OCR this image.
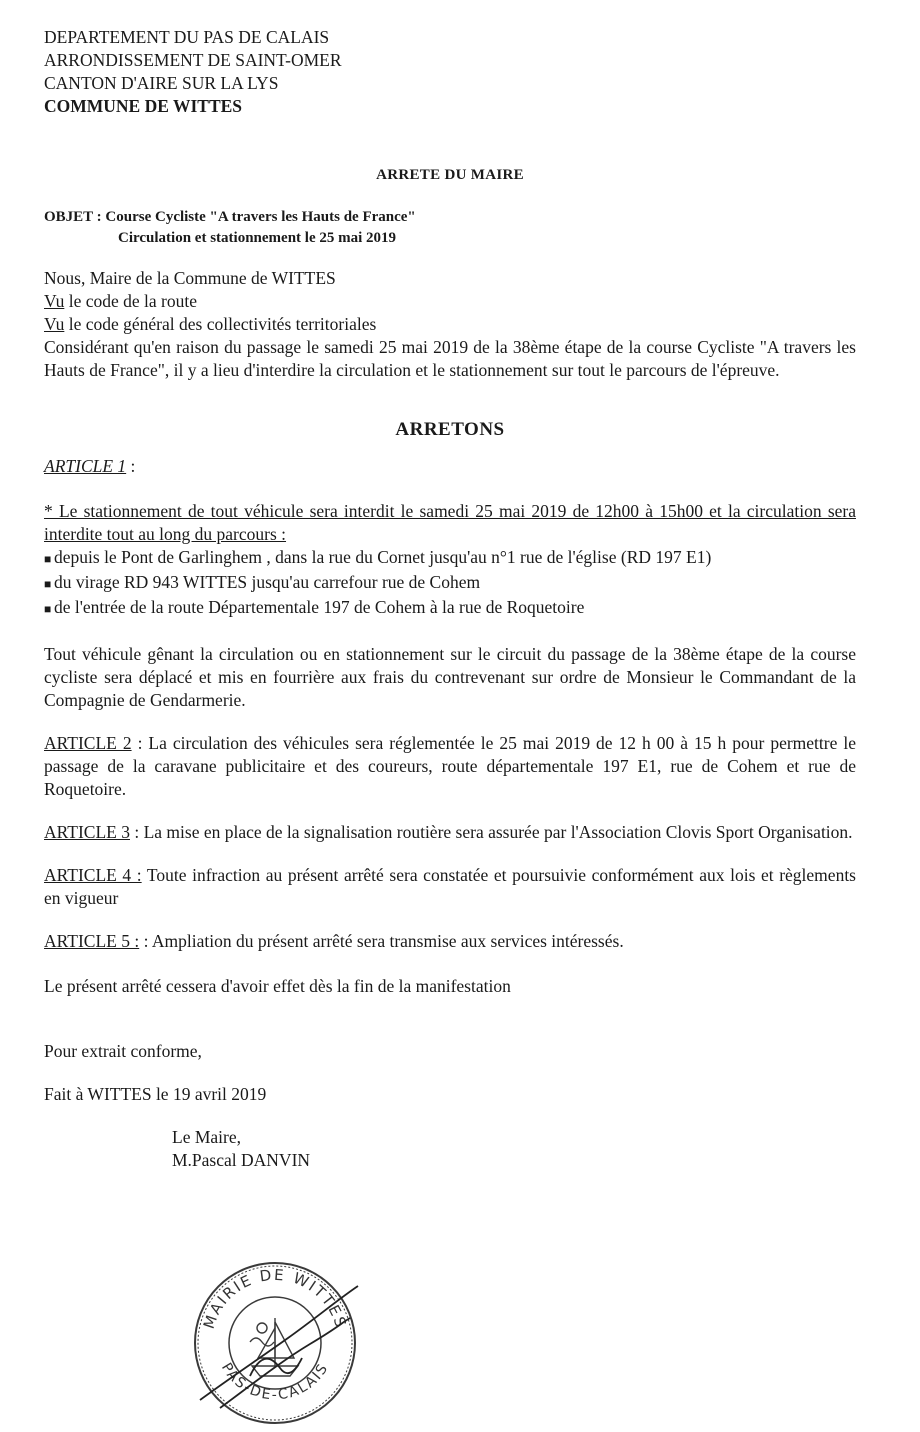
DEPARTEMENT DU PAS DE CALAIS
ARRONDISSEMENT DE SAINT-OMER
CANTON D'AIRE SUR LA LYS
COMMUNE DE WITTES
ARRETE DU MAIRE
OBJET : Course Cycliste "A travers les Hauts de France"
Circulation et stationnement le 25 mai 2019

Nous, Maire de la Commune de WITTES

Vu le code de la route

Vu le code général des collectivités territoriales

Considérant qu'en raison du passage le samedi 25 mai 2019 de la 38ème étape de la course Cycliste "A travers les Hauts de France", il y a lieu d'interdire la circulation et le stationnement sur tout le parcours de l'épreuve.

ARRETONS
ARTICLE 1 :

* Le stationnement de tout véhicule sera interdit le samedi 25 mai 2019 de 12h00 à 15h00 et la circulation sera interdite tout au long du parcours :

■ depuis le Pont de Garlinghem , dans la rue du Cornet jusqu'au n°1 rue de l'église (RD 197 E1)
■ du virage RD 943 WITTES jusqu'au carrefour rue de Cohem
■ de l'entrée de la route Départementale 197 de Cohem à la rue de Roquetoire

Tout véhicule gênant la circulation ou en stationnement sur le circuit du passage de la 38ème étape de la course cycliste sera déplacé et mis en fourrière aux frais du contrevenant sur ordre de Monsieur le Commandant de la Compagnie de Gendarmerie.

ARTICLE 2 : La circulation des véhicules sera réglementée le 25 mai 2019 de 12 h 00 à 15 h pour permettre le passage de la caravane publicitaire et des coureurs, route départementale 197 E1, rue de Cohem et rue de Roquetoire.

ARTICLE 3 : La mise en place de la signalisation routière sera assurée par l'Association Clovis Sport Organisation.

ARTICLE 4 : Toute infraction au présent arrêté sera constatée et poursuivie conformément aux lois et règlements en vigueur

ARTICLE 5 : : Ampliation du présent arrêté sera transmise aux services intéressés.

Le présent arrêté cessera d'avoir effet dès la fin de la manifestation
Pour extrait conforme,
Fait à WITTES le 19 avril 2019

Le Maire,

M.Pascal DANVIN

MAIRIE DE WITTES
PAS-DE-CALAIS
